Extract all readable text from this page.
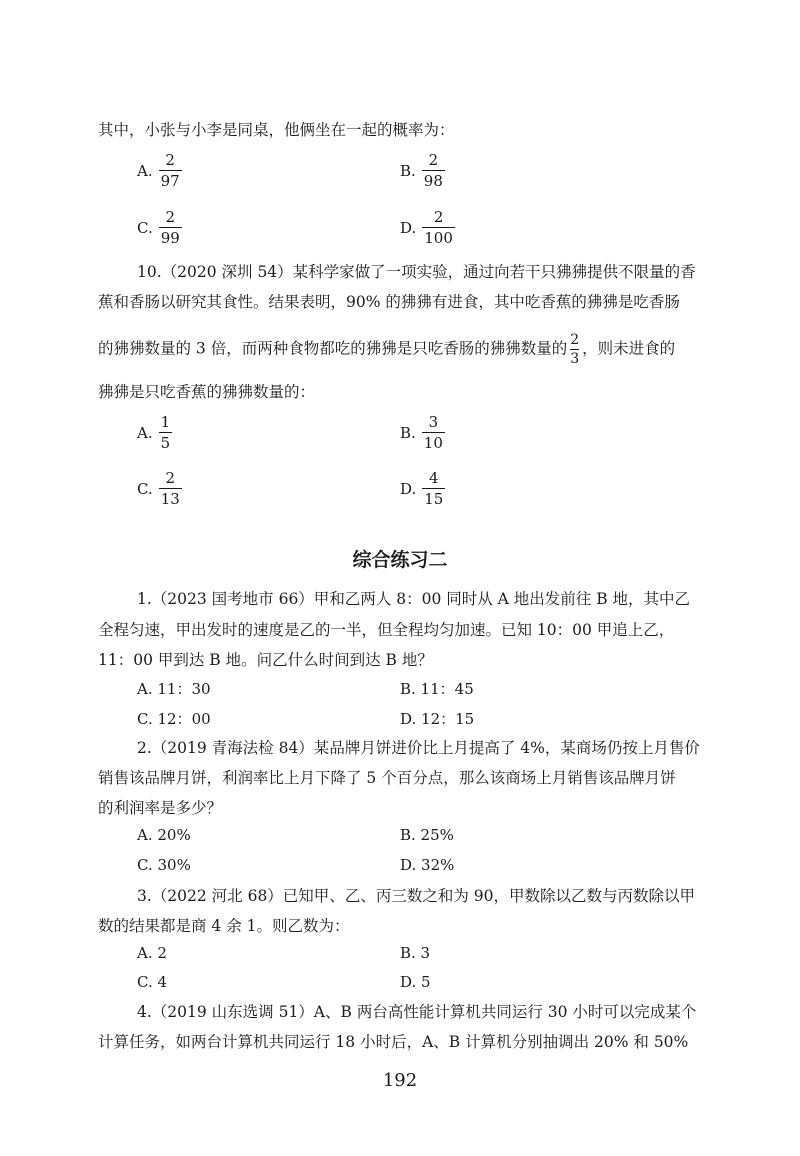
其中，小张与小李是同桌，他俩坐在一起的概率为：
A. $\frac{2}{97}$	B. $\frac{2}{98}$
C. $\frac{2}{99}$	D. $\frac{2}{100}$
10.（2020 深圳 54）某科学家做了一项实验，通过向若干只狒狒提供不限量的香
蕉和香肠以研究其食性。结果表明，90% 的狒狒有进食，其中吃香蕉的狒狒是吃香肠
的狒狒数量的 3 倍，而两种食物都吃的狒狒是只吃香肠的狒狒数量的 $\frac{2}{3}$ ，则未进食的
狒狒是只吃香蕉的狒狒数量的：
A. $\frac{1}{5}$	B. $\frac{3}{10}$
C. $\frac{2}{13}$	D. $\frac{4}{15}$
综合练习二
1.（2023 国考地市 66）甲和乙两人 8：00 同时从 A 地出发前往 B 地，其中乙
全程匀速，甲出发时的速度是乙的一半，但全程均匀加速。已知 10：00 甲追上乙，
11：00 甲到达 B 地。问乙什么时间到达 B 地？
A. 11：30	B. 11：45
C. 12：00	D. 12：15
2.（2019 青海法检 84）某品牌月饼进价比上月提高了 4%，某商场仍按上月售价
销售该品牌月饼，利润率比上月下降了 5 个百分点，那么该商场上月销售该品牌月饼
的利润率是多少？
A. 20%	B. 25%
C. 30%	D. 32%
3.（2022 河北 68）已知甲、乙、丙三数之和为 90，甲数除以乙数与丙数除以甲
数的结果都是商 4 余 1。则乙数为：
A. 2	B. 3
C. 4	D. 5
4.（2019 山东选调 51）A、B 两台高性能计算机共同运行 30 小时可以完成某个
计算任务，如两台计算机共同运行 18 小时后，A、B 计算机分别抽调出 20% 和 50%
192
